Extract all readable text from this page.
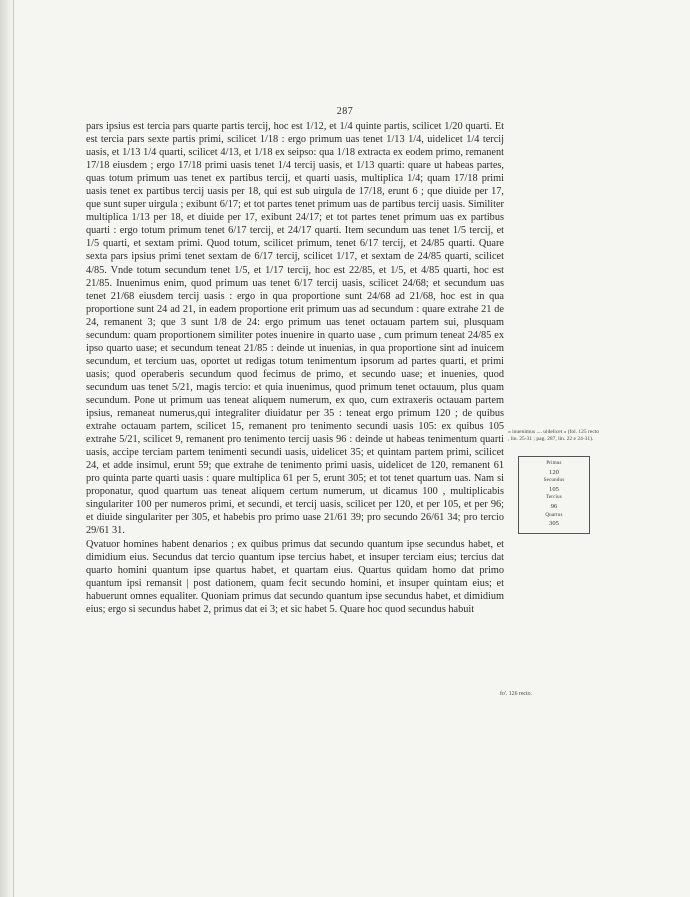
287

pars ipsius est tercia pars quarte partis tercij, hoc est 1/12, et 1/4 quinte partis, scilicet 1/20 quarti. Et est tercia pars sexte partis primi, scilicet 1/18 : ergo primum uas tenet 1/13 1/4, uidelicet 1/4 tercij uasis, et 1/13 1/4 quarti, scilicet 4/13, et 1/18 ex seipso: qua 1/18 extracta ex eodem primo, remanent 17/18 eiusdem ; ergo 17/18 primi uasis tenet 1/4 tercij uasis, et 1/13 quarti: quare ut habeas partes, quas totum primum uas tenet ex partibus tercij, et quarti uasis, multiplica 1/4; quam 17/18 primi uasis tenet ex partibus tercij uasis per 18, qui est sub uirgula de 17/18, erunt 6 ; que diuide per 17, que sunt super uirgula ; exibunt 6/17; et tot partes tenet primum uas de partibus tercij uasis. Similiter multiplica 1/13 per 18, et diuide per 17, exibunt 24/17; et tot partes tenet primum uas ex partibus quarti : ergo totum primum tenet 6/17 tercij, et 24/17 quarti. Item secundum uas tenet 1/5 tercij, et 1/5 quarti, et sextam primi. Quod totum, scilicet primum, tenet 6/17 tercij, et 24/85 quarti. Quare sexta pars ipsius primi tenet sextam de 6/17 tercij, scilicet 1/17, et sextam de 24/85 quarti, scilicet 4/85. Vnde totum secundum tenet 1/5, et 1/17 tercij, hoc est 22/85, et 1/5, et 4/85 quarti, hoc est 21/85. Inuenimus enim, quod primum uas tenet 6/17 tercij uasis, scilicet 24/68; et secundum uas tenet 21/68 eiusdem tercij uasis : ergo in qua proportione sunt 24/68 ad 21/68, hoc est in qua proportione sunt 24 ad 21, in eadem proportione erit primum uas ad secundum : quare extrahe 21 de 24, remanent 3; que 3 sunt 1/8 de 24: ergo primum uas tenet octauam partem sui, plusquam secundum: quam proportionem similiter potes inuenire in quarto uase , cum primum teneat 24/85 ex ipso quarto uase; et secundum teneat 21/85 : deinde ut inuenias, in qua proportione sint ad inuicem secundum, et tercium uas, oportet ut redigas totum tenimentum ipsorum ad partes quarti, et primi uasis; quod operaberis secundum quod fecimus de primo, et secundo uase; et inuenies, quod secundum uas tenet 5/21, magis tercio: et quia inuenimus, quod primum tenet octauum, plus quam secundum. Pone ut primum uas teneat aliquem numerum, ex quo, cum extraxeris octauam partem ipsius, remaneat numerus,qui integraliter diuidatur per 35 : teneat ergo primum 120 ; de quibus extrahe octauam partem, scilicet 15, remanent pro tenimento secundi uasis 105: ex quibus 105 extrahe 5/21, scilicet 9, remanent pro tenimento tercij uasis 96 : deinde ut habeas tenimentum quarti uasis, accipe terciam partem tenimenti secundi uasis, uidelicet 35; et quintam partem primi, scilicet 24, et adde insimul, erunt 59; que extrahe de tenimento primi uasis, uidelicet de 120, remanent 61 pro quinta parte quarti uasis : quare multiplica 61 per 5, erunt 305; et tot tenet quartum uas. Nam si proponatur, quod quartum uas teneat aliquem certum numerum, ut dicamus 100 , multiplicabis singulariter 100 per numeros primi, et secundi, et tercij uasis, scilicet per 120, et per 105, et per 96; et diuide singulariter per 305, et habebis pro primo uase 21/61 39; pro secundo 26/61 34; pro tercio 29/61 31.

Qvatuor homines habent denarios ; ex quibus primus dat secundo quantum ipse secundus habet, et dimidium eius. Secundus dat tercio quantum ipse tercius habet, et insuper terciam eius; tercius dat quarto homini quantum ipse quartus habet, et quartam eius. Quartus quidam homo dat primo quantum ipsi remansit | post dationem, quam fecit secundo homini, et insuper quintam eius; et habuerunt omnes equaliter. Quoniam primus dat secundo quantum ipse secundus habet, et dimidium eius; ergo si secundus habet 2, primus dat ei 3; et sic habet 5. Quare hoc quod secundus habuit

« inuenimus .... uidelicet » (fol. 125 recto , lin. 25-31 ; pag. 287, lin. 22 e 24-31).
Primus
120
Secundus
105
Tercius
96
Quartus
305
fo'. 126 recto.
